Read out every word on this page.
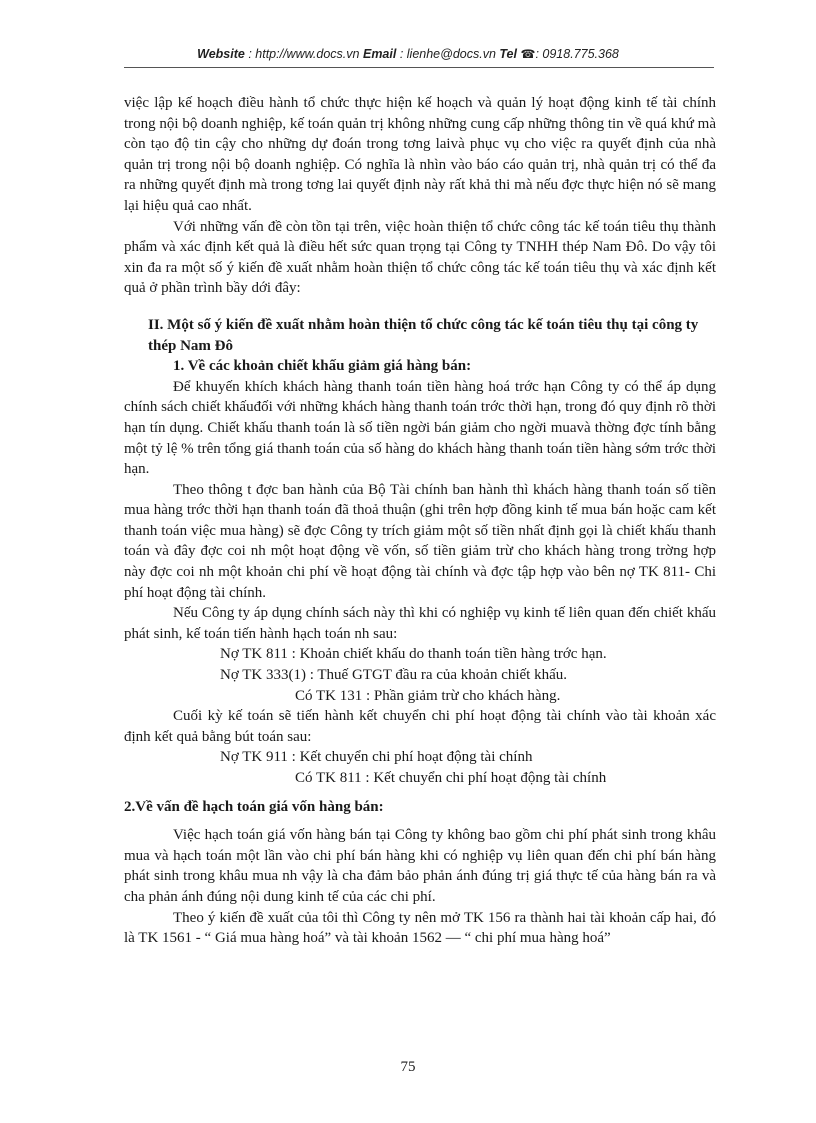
Website : http://www.docs.vn Email : lienhe@docs.vn Tel ☎: 0918.775.368

việc lập kế hoạch điều hành tổ chức thực hiện kế hoạch và quản lý hoạt động kinh tế tài chính trong nội bộ doanh nghiệp, kế toán quản trị không những cung cấp những thông tin về quá khứ mà còn tạo độ tin cậy cho những dự đoán trong tơng laivà phục vụ cho việc ra quyết định của nhà quản trị trong nội bộ doanh nghiệp. Có nghĩa là nhìn vào báo cáo quản trị, nhà quản trị có thể đa ra những quyết định mà trong tơng lai quyết định này rất khả thi mà nếu đợc thực hiện nó sẽ mang lại hiệu quả cao nhất.

Với những vấn đề còn tồn tại trên, việc hoàn thiện tổ chức công tác kế toán tiêu thụ thành phẩm và xác định kết quả là điều hết sức quan trọng tại Công ty TNHH thép Nam Đô. Do vậy tôi xin đa ra một số ý kiến đề xuất nhằm hoàn thiện tổ chức công tác kế toán tiêu thụ và xác định kết quả ở phần trình bầy dới đây:

II. Một số ý kiến đề xuất nhằm hoàn thiện tổ chức công tác kế toán tiêu thụ tại công ty thép Nam Đô

1. Về các khoản chiết khấu giảm giá hàng bán:

Để khuyến khích khách hàng thanh toán tiền hàng hoá trớc hạn Công ty có thể áp dụng chính sách chiết khấuđối với những khách hàng thanh toán trớc thời hạn, trong đó quy định rõ thời hạn tín dụng. Chiết khấu thanh toán là số tiền ngời bán giảm cho ngời muavà thờng đợc tính bằng một tỷ lệ % trên tổng giá thanh toán của số hàng do khách hàng thanh toán tiền hàng sớm trớc thời hạn.

Theo thông t đợc ban hành của Bộ Tài chính ban hành thì khách hàng thanh toán số tiền mua hàng trớc thời hạn thanh toán đã thoả thuận (ghi trên hợp đồng kinh tế mua bán hoặc cam kết thanh toán việc mua hàng) sẽ đợc Công ty trích giảm một số tiền nhất định gọi là chiết khấu thanh toán và đây đợc coi nh một hoạt động về vốn, số tiền giảm trừ cho khách hàng trong trờng hợp này đợc coi nh một khoản chi phí về hoạt động tài chính và đợc tập hợp vào bên nợ TK 811- Chi phí hoạt động tài chính.

Nếu Công ty áp dụng chính sách này thì khi có nghiệp vụ kinh tế liên quan đến chiết khấu phát sinh, kế toán tiến hành hạch toán nh sau:

Nợ TK 811 : Khoản chiết khấu do thanh toán tiền hàng trớc hạn.

Nợ TK 333(1) : Thuế GTGT đầu ra của khoản chiết khấu.

Có TK 131 : Phần giảm trừ cho khách hàng.

Cuối kỳ kế toán sẽ tiến hành kết chuyển chi phí hoạt động tài chính vào tài khoản xác định kết quả bằng bút toán sau:

Nợ TK 911 : Kết chuyển chi phí hoạt động tài chính

Có TK 811 : Kết chuyển chi phí hoạt động tài chính

2.Về vấn đề hạch toán giá vốn hàng bán:

Việc hạch toán giá vốn hàng bán tại Công ty không bao gồm chi phí phát sinh trong khâu mua và hạch toán một lần vào chi phí bán hàng khi có nghiệp vụ liên quan đến chi phí bán hàng phát sinh trong khâu mua nh vậy là cha đảm bảo phản ánh đúng trị giá thực tế của hàng bán ra và cha phản ánh đúng nội dung kinh tế của các chi phí.

Theo ý kiến đề xuất của tôi thì Công ty nên mở TK 156 ra thành hai tài khoản cấp hai, đó là TK 1561 - “ Giá mua hàng hoá” và tài khoản 1562 — “ chi phí mua hàng hoá”

75
